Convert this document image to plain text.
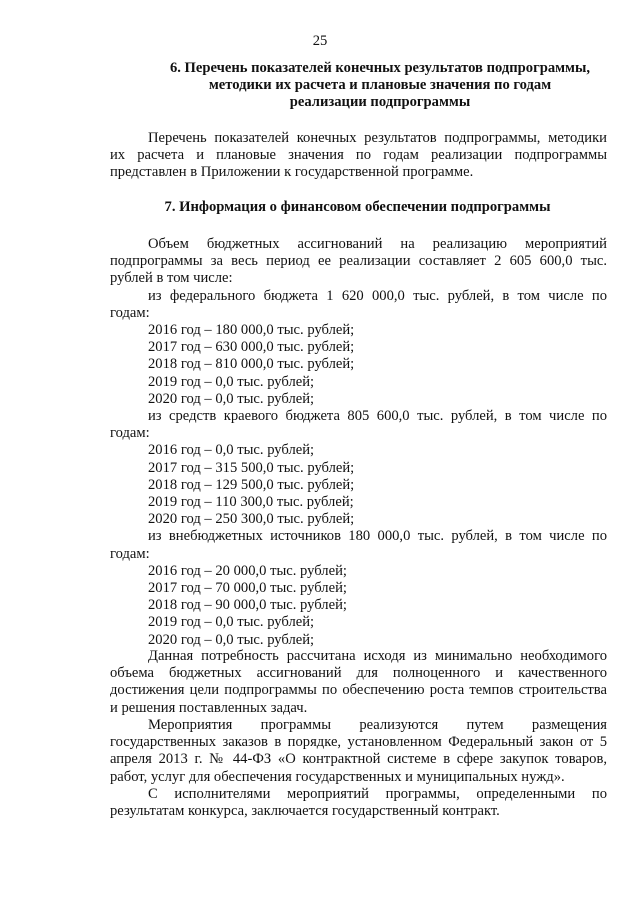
25
6. Перечень показателей конечных результатов подпрограммы,
методики их расчета и плановые значения по годам
реализации подпрограммы
Перечень показателей конечных результатов подпрограммы, методики
их расчета и плановые значения по годам реализации подпрограммы
представлен в Приложении к государственной программе.
7. Информация о финансовом обеспечении подпрограммы
Объем бюджетных ассигнований на реализацию мероприятий
подпрограммы за весь период ее реализации составляет 2 605 600,0 тыс.
рублей в том числе:
из федерального бюджета 1 620 000,0 тыс. рублей, в том числе по
годам:
2016 год – 180 000,0 тыс. рублей;
2017 год – 630 000,0 тыс. рублей;
2018 год – 810 000,0 тыс. рублей;
2019 год – 0,0 тыс. рублей;
2020 год – 0,0 тыс. рублей;
из средств краевого бюджета 805 600,0 тыс. рублей, в том числе по
годам:
2016 год – 0,0 тыс. рублей;
2017 год – 315 500,0 тыс. рублей;
2018 год – 129 500,0 тыс. рублей;
2019 год – 110 300,0 тыс. рублей;
2020 год – 250 300,0 тыс. рублей;
из внебюджетных источников 180 000,0 тыс. рублей, в том числе по
годам:
2016 год – 20 000,0 тыс. рублей;
2017 год – 70 000,0 тыс. рублей;
2018 год – 90 000,0 тыс. рублей;
2019 год – 0,0 тыс. рублей;
2020 год – 0,0 тыс. рублей;
Данная потребность рассчитана исходя из минимально необходимого
объема бюджетных ассигнований для полноценного и качественного
достижения цели подпрограммы по обеспечению роста темпов строительства
и решения поставленных задач.
Мероприятия программы реализуются путем размещения
государственных заказов в порядке, установленном Федеральный закон от 5
апреля 2013 г. № 44-ФЗ «О контрактной системе в сфере закупок товаров,
работ, услуг для обеспечения государственных и муниципальных нужд».
С исполнителями мероприятий программы, определенными по
результатам конкурса, заключается государственный контракт.
